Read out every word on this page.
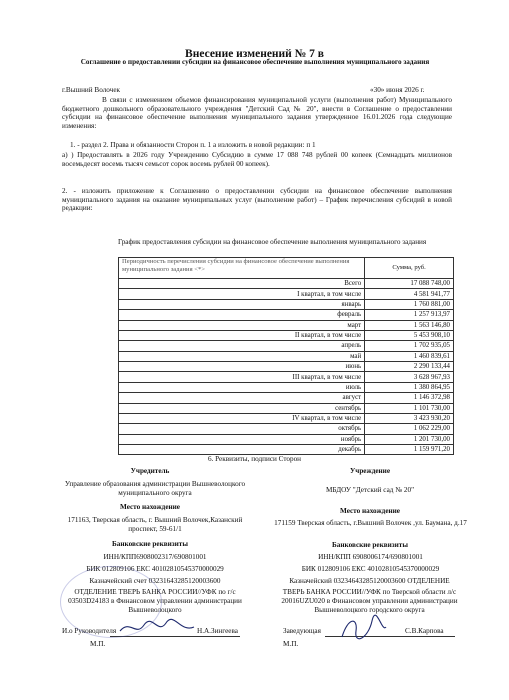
Внесение изменений № 7 в
Соглашение о предоставлении субсидии на финансовое обеспечение выполнения муниципального задания
г.Вышний Волочек	«30» июня 2026 г.
В связи с изменением объемов финансирования муниципальной услуги (выполнения работ) Муниципального бюджетного дошкольного образовательного учреждения "Детский Сад № 20", внести в Соглашение о предоставлении субсидии на финансовое обеспечение выполнения муниципального задания утвержденное 16.01.2026 года следующие изменения:
1. - раздел 2. Права и обязанности Сторон п. 1 а изложить в новой редакции: п 1
а) ) Предоставлять в 2026 году Учреждению Субсидию в сумме 17 088 748 рублей 00 копеек (Семнадцать миллионов восемьдесят восемь тысяч семьсот сорок восемь рублей 00 копеек).
2. - изложить приложение к Соглашению о предоставлении субсидии на финансовое обеспечение выполнения муниципального задания на оказание муниципальных услуг (выполнение работ) – График перечисления субсидий в новой редакции:
График предоставления субсидии на финансовое обеспечение выполнения муниципального задания
Периодичность перечисления субсидии на финансовое обеспечение выполнения муниципального задания <*>	Сумма, руб.
Всего	17 088 748,00
I квартал, в том числе	4 581 941,77
январь	1 760 881,00
февраль	1 257 913,97
март	1 563 146,80
II квартал, в том числе	5 453 908,10
апрель	1 702 935,05
май	1 460 839,61
июнь	2 290 133,44
III квартал, в том числе	3 628 967,93
июль	1 380 864,95
август	1 146 372,98
сентябрь	1 101 730,00
IV квартал, в том числе	3 423 930,20
октябрь	1 062 229,00
ноябрь	1 201 730,00
декабрь	1 159 971,20
6. Реквизиты, подписи Сторон
Учредитель
Управление образования администрации Вышневолоцкого муниципального округа
Место нахождение
171163, Тверская область, г. Вышний Волочек,Казанский проспект, 59-61/1
Банковские реквизиты
ИНН/КПП6908002317/690801001
БИК 012809106 ЕКС 40102810545370000029
Казначейский счет 03231643285120003600
ОТДЕЛЕНИЕ ТВЕРЬ БАНКА РОССИИ//УФК по г/с 03503D24183 в Финансовом управлении администрации Вышневолоцкого
И.о Руководителя	Н.А.Зингеева
М.П.
Учреждение
МБДОУ "Детский сад № 20"
Место нахождение
171159 Тверская область, г.Вышний Волочек ,ул. Баумана, д.17
Банковские реквизиты
ИНН/КПП 6908006174/690801001
БИК 012809106 ЕКС 40102810545370000029
Казначейский 03234643285120003600 ОТДЕЛЕНИЕ
ТВЕРЬ БАНКА РОССИИ//УФК по Тверской области л/с 20016UZU020 в Финансовом управлении администрации Вышневолоцкого городского округа
Заведующая	С.В.Карпова
М.П.
